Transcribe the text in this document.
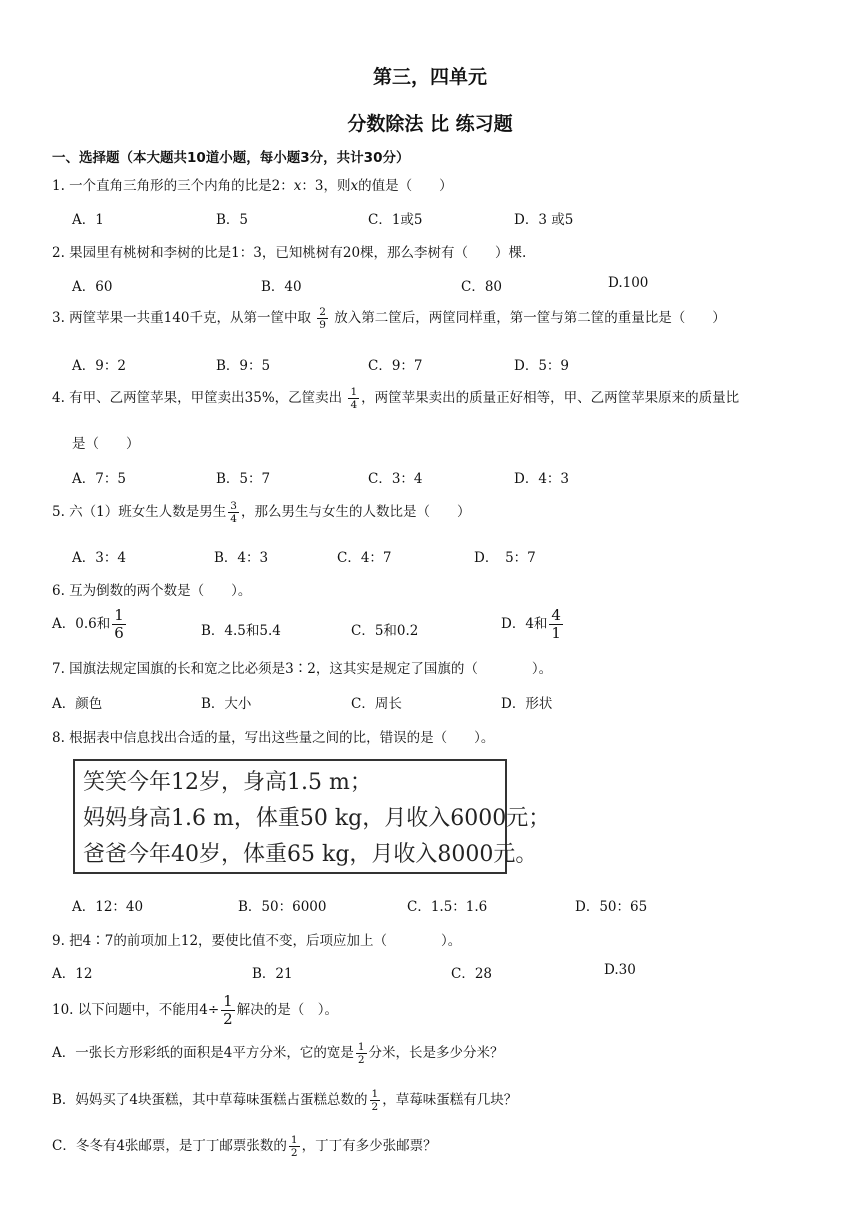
第三，四单元
分数除法 比 练习题
一、选择题（本大题共10道小题，每小题3分，共计30分）
1. 一个直角三角形的三个内角的比是2：x：3，则x的值是（　　）
A．1	B．5	C．1或5	D．3 或5
2. 果园里有桃树和李树的比是1：3，已知桃树有20棵，那么李树有（　　）棵.
A．60	B．40	C．80	D.100
3. 两筐苹果一共重140千克，从第一筐中取 $\frac{2}{9}$ 放入第二筐后，两筐同样重，第一筐与第二筐的重量比是（　　）
A．9：2	B．9：5	C．9：7	D．5：9
4. 有甲、乙两筐苹果，甲筐卖出35%，乙筐卖出 $\frac{1}{4}$ ，两筐苹果卖出的质量正好相等，甲、乙两筐苹果原来的质量比
是（　　）
A．7：5	B．5：7	C．3：4	D．4：3
5. 六（1）班女生人数是男生 $\frac{3}{4}$ ，那么男生与女生的人数比是（　　）
A．3：4	B．4：3	C．4：7	D．　5：7
6. 互为倒数的两个数是（　　）。
A．0.6和 $\frac{1}{6}$	B．4.5和5.4	C．5和0.2	D．4和 $\frac{4}{1}$
7. 国旗法规定国旗的长和宽之比必须是3∶2，这其实是规定了国旗的（　　　　）。
A．颜色	B．大小	C．周长	D．形状
8. 根据表中信息找出合适的量，写出这些量之间的比，错误的是（　　）。
笑笑今年12岁，身高1.5 m；
妈妈身高1.6 m，体重50 kg，月收入6000元；
爸爸今年40岁，体重65 kg，月收入8000元。
A．12：40	B．50：6000	C．1.5：1.6	D．50：65
9. 把4∶7的前项加上12，要使比值不变，后项应加上（　　　　）。
A．12	B．21	C．28	D.30
10. 以下问题中，不能用$4\div \frac{1}{2}$ 解决的是（　）。
A．一张长方形彩纸的面积是4平方分米，它的宽是 $\frac{1}{2}$ 分米，长是多少分米？
B．妈妈买了4块蛋糕，其中草莓味蛋糕占蛋糕总数的 $\frac{1}{2}$ ，草莓味蛋糕有几块？
C．冬冬有4张邮票，是丁丁邮票张数的 $\frac{1}{2}$ ，丁丁有多少张邮票？
